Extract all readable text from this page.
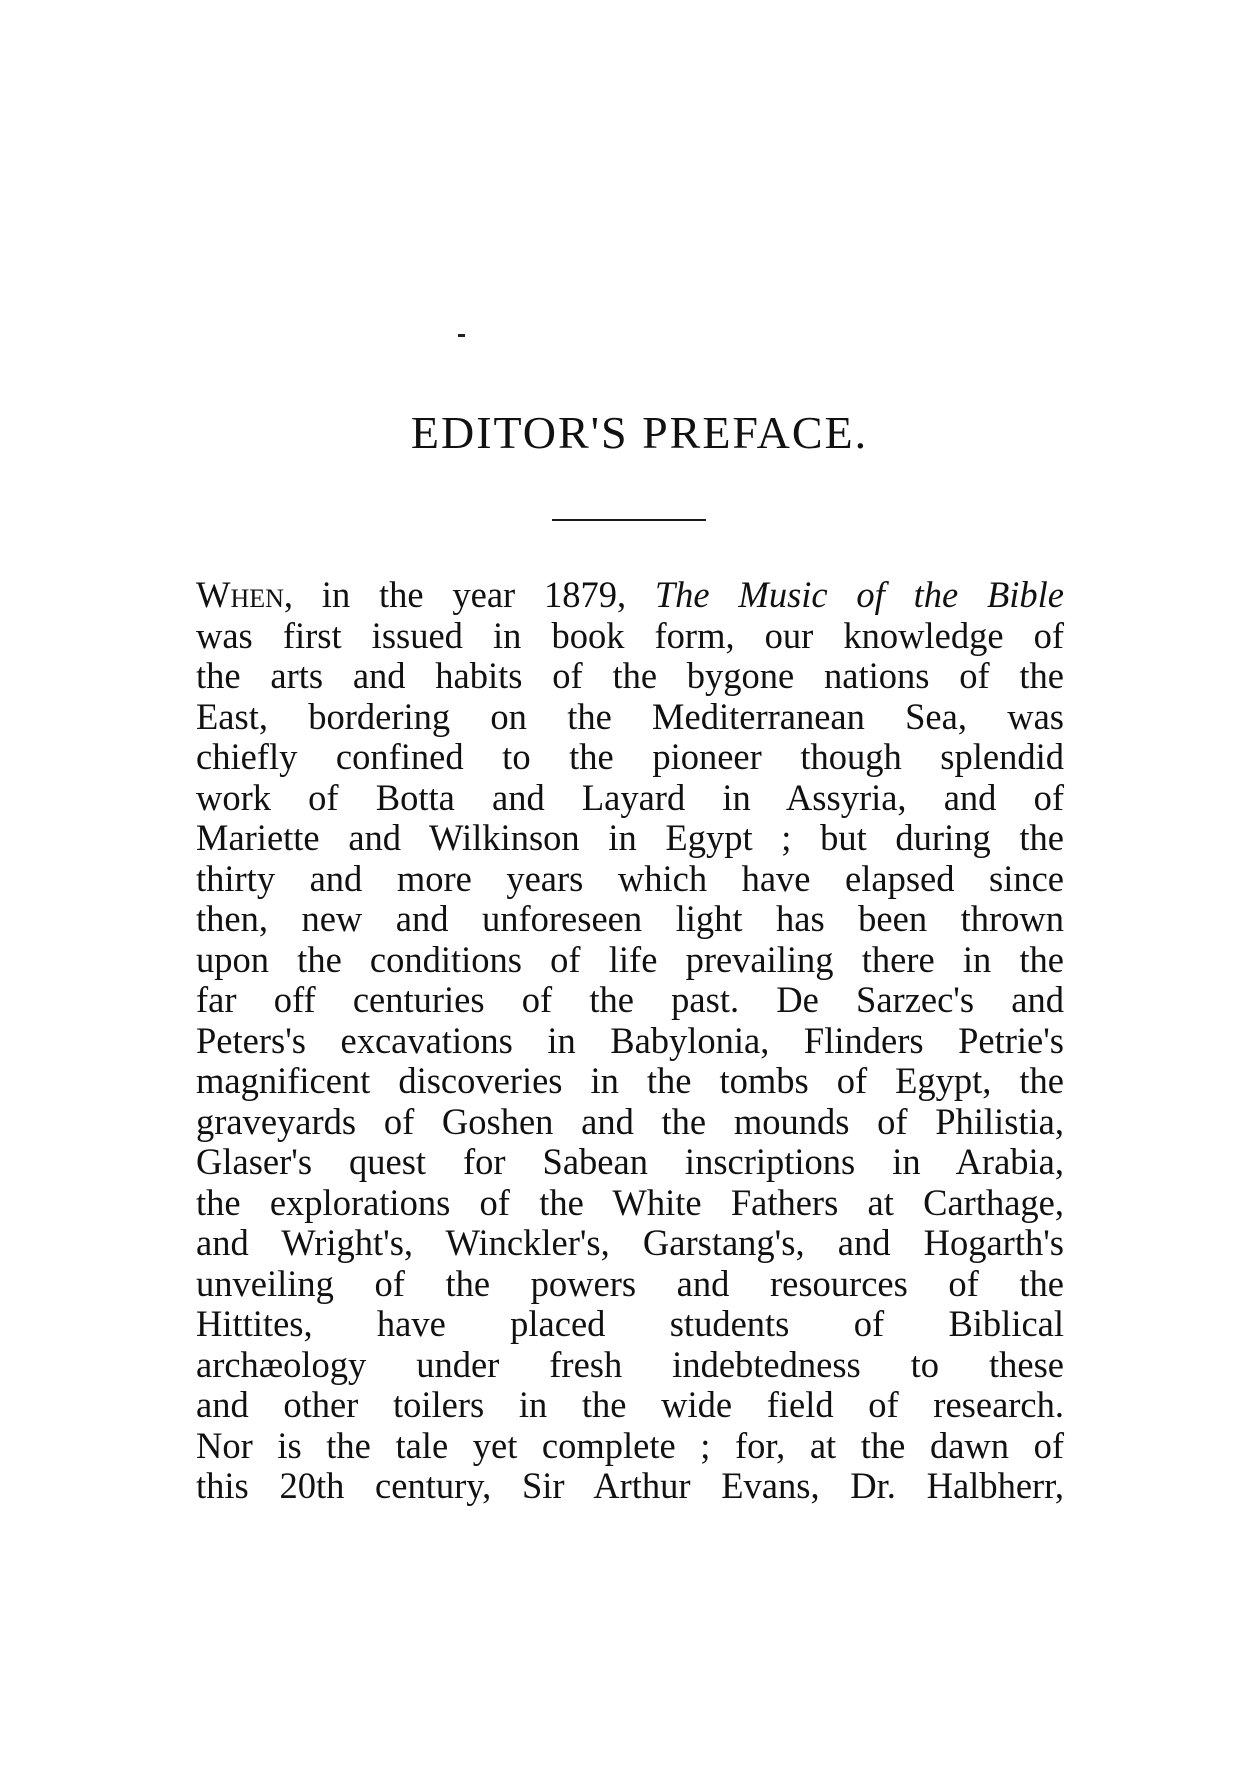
EDITOR'S PREFACE.
When, in the year 1879, The Music of the Bible
was first issued in book form, our knowledge of
the arts and habits of the bygone nations of the
East, bordering on the Mediterranean Sea, was
chiefly confined to the pioneer though splendid
work of Botta and Layard in Assyria, and of
Mariette and Wilkinson in Egypt ; but during the
thirty and more years which have elapsed since
then, new and unforeseen light has been thrown
upon the conditions of life prevailing there in the
far off centuries of the past. De Sarzec's and
Peters's excavations in Babylonia, Flinders Petrie's
magnificent discoveries in the tombs of Egypt, the
graveyards of Goshen and the mounds of Philistia,
Glaser's quest for Sabean inscriptions in Arabia,
the explorations of the White Fathers at Carthage,
and Wright's, Winckler's, Garstang's, and Hogarth's
unveiling of the powers and resources of the
Hittites, have placed students of Biblical
archæology under fresh indebtedness to these
and other toilers in the wide field of research.
Nor is the tale yet complete ; for, at the dawn of
this 20th century, Sir Arthur Evans, Dr. Halbherr,
